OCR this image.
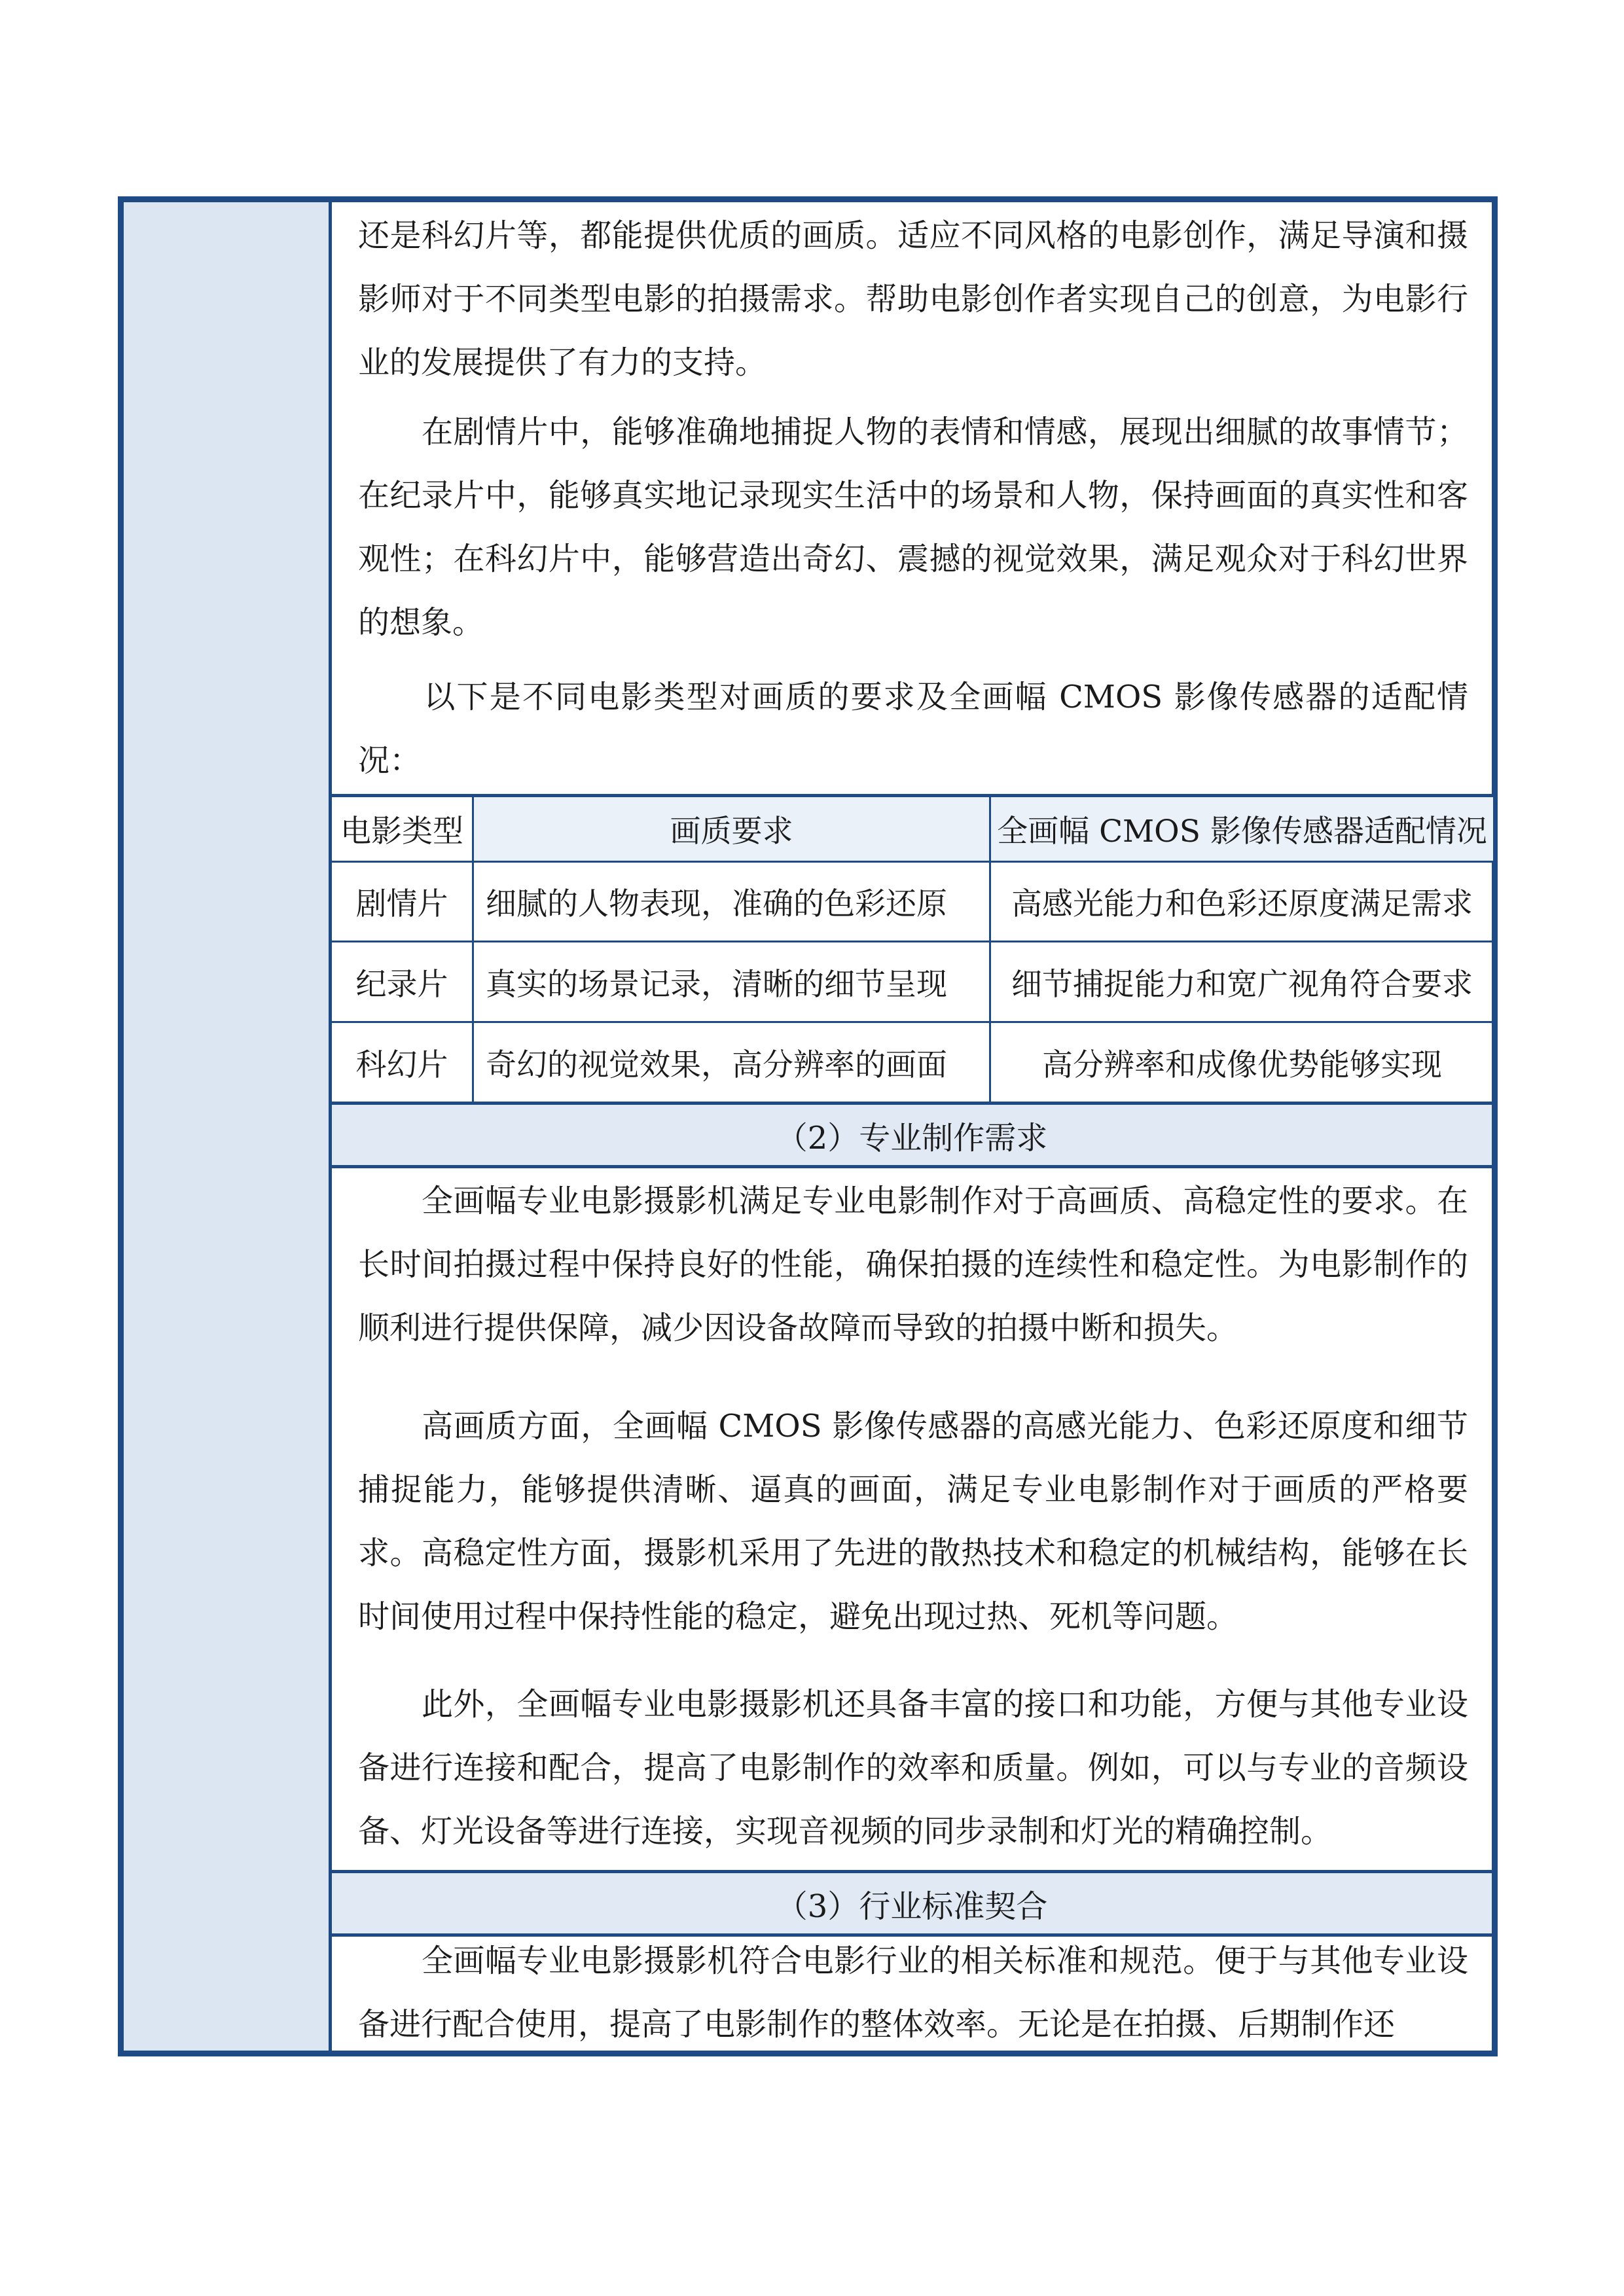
还是科幻片等，都能提供优质的画质。适应不同风格的电影创作，满足导演和摄影师对于不同类型电影的拍摄需求。帮助电影创作者实现自己的创意，为电影行业的发展提供了有力的支持。

　　在剧情片中，能够准确地捕捉人物的表情和情感，展现出细腻的故事情节；在纪录片中，能够真实地记录现实生活中的场景和人物，保持画面的真实性和客观性；在科幻片中，能够营造出奇幻、震撼的视觉效果，满足观众对于科幻世界的想象。

　　以下是不同电影类型对画质的要求及全画幅 CMOS 影像传感器的适配情况：

电影类型	画质要求	全画幅 CMOS 影像传感器适配情况
剧情片	细腻的人物表现，准确的色彩还原	高感光能力和色彩还原度满足需求
纪录片	真实的场景记录，清晰的细节呈现	细节捕捉能力和宽广视角符合要求
科幻片	奇幻的视觉效果，高分辨率的画面	高分辨率和成像优势能够实现
（2）专业制作需求

　　全画幅专业电影摄影机满足专业电影制作对于高画质、高稳定性的要求。在长时间拍摄过程中保持良好的性能，确保拍摄的连续性和稳定性。为电影制作的顺利进行提供保障，减少因设备故障而导致的拍摄中断和损失。

　　高画质方面，全画幅 CMOS 影像传感器的高感光能力、色彩还原度和细节捕捉能力，能够提供清晰、逼真的画面，满足专业电影制作对于画质的严格要求。高稳定性方面，摄影机采用了先进的散热技术和稳定的机械结构，能够在长时间使用过程中保持性能的稳定，避免出现过热、死机等问题。

　　此外，全画幅专业电影摄影机还具备丰富的接口和功能，方便与其他专业设备进行连接和配合，提高了电影制作的效率和质量。例如，可以与专业的音频设备、灯光设备等进行连接，实现音视频的同步录制和灯光的精确控制。

（3）行业标准契合

　　全画幅专业电影摄影机符合电影行业的相关标准和规范。便于与其他专业设备进行配合使用，提高了电影制作的整体效率。无论是在拍摄、后期制作还
